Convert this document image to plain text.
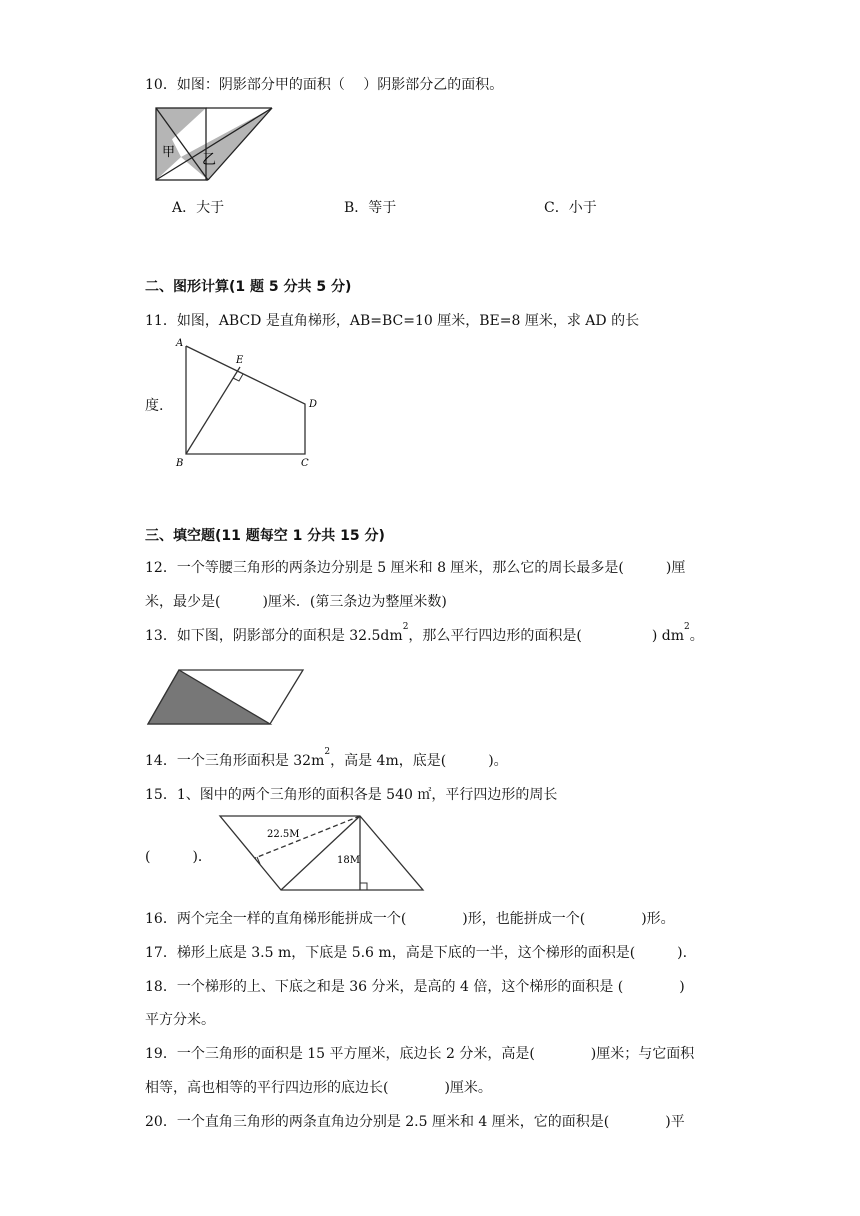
10．如图：阴影部分甲的面积（　 ）阴影部分乙的面积。
甲 乙
A．大于	B．等于	C．小于
二、图形计算(1 题 5 分共 5 分)
11．如图，ABCD 是直角梯形，AB=BC=10 厘米，BE=8 厘米，求 AD 的长
度.
A
E
D
B	C
三、填空题(11 题每空 1 分共 15 分)
12．一个等腰三角形的两条边分别是 5 厘米和 8 厘米，那么它的周长最多是(　　　)厘
米，最少是(　　　)厘米．(第三条边为整厘米数)
13．如下图，阴影部分的面积是 $32.5dm^2$，那么平行四边形的面积是(　　　　　) $dm^2$。
14．一个三角形面积是 $32m^2$，高是 4m，底是(　　　)。
15．1、图中的两个三角形的面积各是 540 ㎡，平行四边形的周长
(　　　)．
22.5M
18M
16．两个完全一样的直角梯形能拼成一个(　　　　)形，也能拼成一个(　　　　)形。
17．梯形上底是 3.5 m，下底是 5.6 m，高是下底的一半，这个梯形的面积是(　　　).
18．一个梯形的上、下底之和是 36 分米，是高的 4 倍，这个梯形的面积是 (　　　　)
平方分米。
19．一个三角形的面积是 15 平方厘米，底边长 2 分米，高是(　　　　)厘米；与它面积
相等，高也相等的平行四边形的底边长(　　　　)厘米。
20．一个直角三角形的两条直角边分别是 2.5 厘米和 4 厘米，它的面积是(　　　　)平
